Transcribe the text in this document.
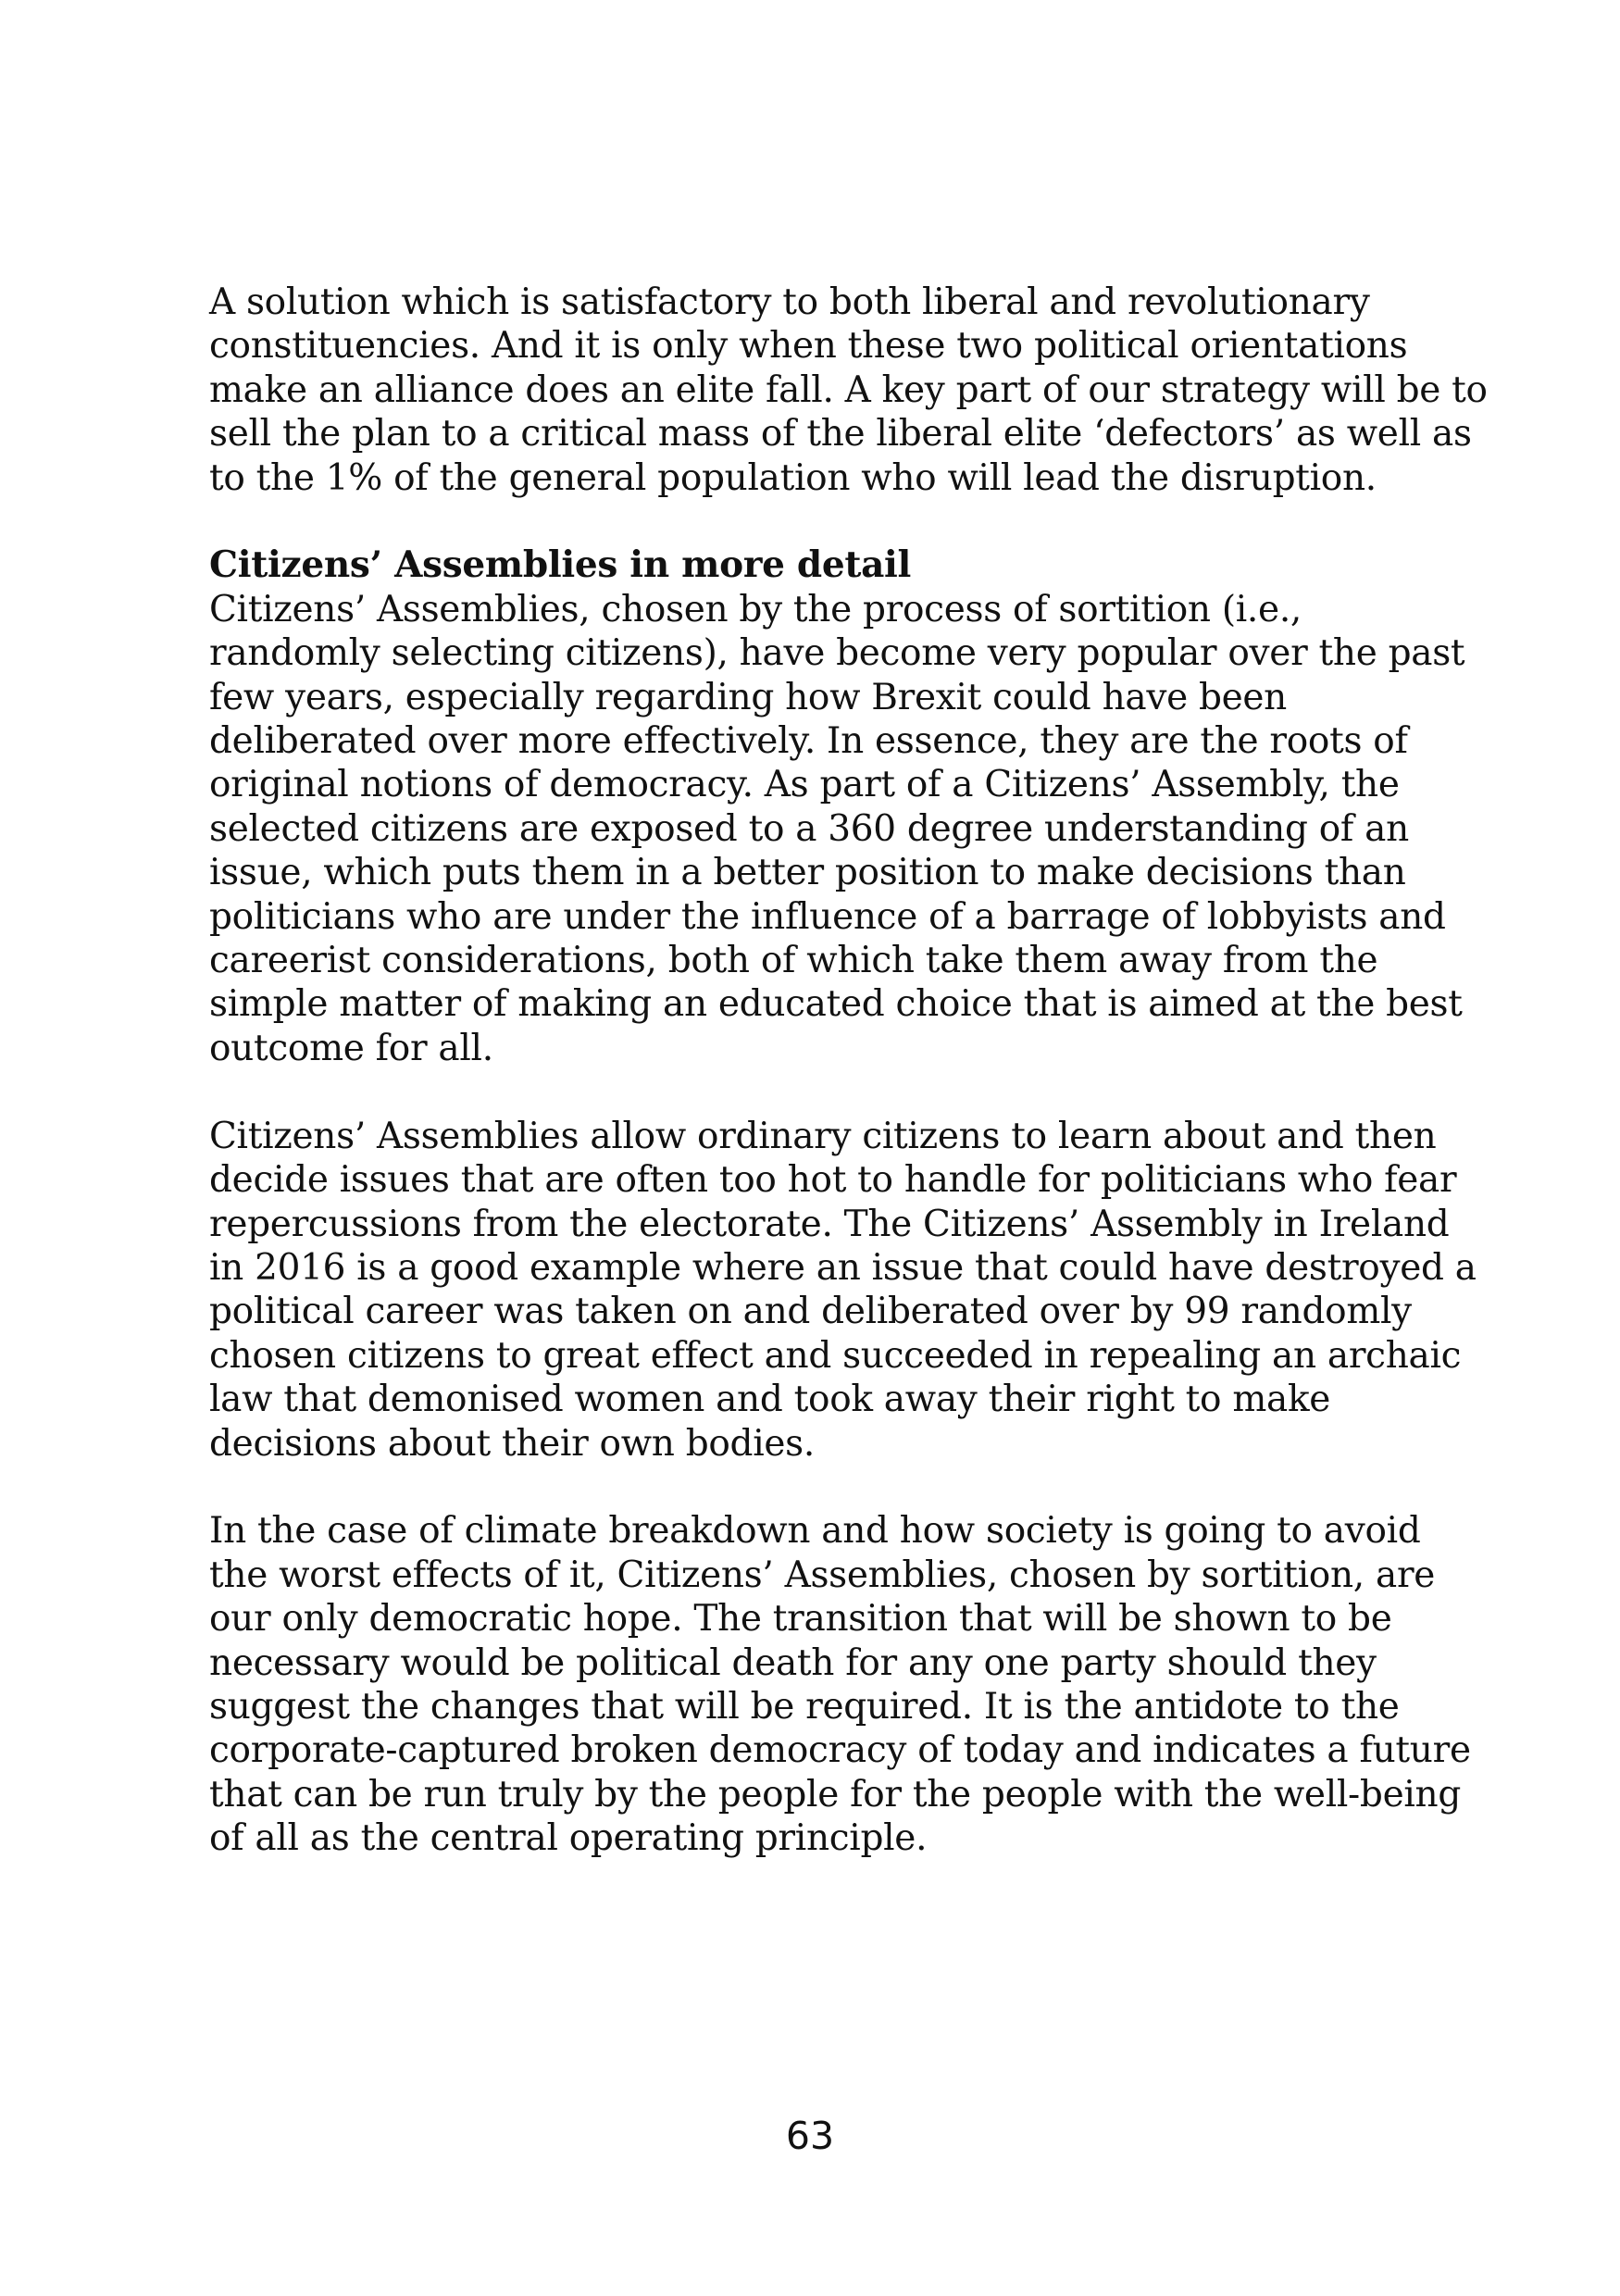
A solution which is satisfactory to both liberal and revolutionary
constituencies. And it is only when these two political orientations
make an alliance does an elite fall. A key part of our strategy will be to
sell the plan to a critical mass of the liberal elite ‘defectors’ as well as
to the 1% of the general population who will lead the disruption.

Citizens’ Assemblies in more detail
Citizens’ Assemblies, chosen by the process of sortition (i.e.,
randomly selecting citizens), have become very popular over the past
few years, especially regarding how Brexit could have been
deliberated over more effectively. In essence, they are the roots of
original notions of democracy. As part of a Citizens’ Assembly, the
selected citizens are exposed to a 360 degree understanding of an
issue, which puts them in a better position to make decisions than
politicians who are under the influence of a barrage of lobbyists and
careerist considerations, both of which take them away from the
simple matter of making an educated choice that is aimed at the best
outcome for all.

Citizens’ Assemblies allow ordinary citizens to learn about and then
decide issues that are often too hot to handle for politicians who fear
repercussions from the electorate. The Citizens’ Assembly in Ireland
in 2016 is a good example where an issue that could have destroyed a
political career was taken on and deliberated over by 99 randomly
chosen citizens to great effect and succeeded in repealing an archaic
law that demonised women and took away their right to make
decisions about their own bodies.

In the case of climate breakdown and how society is going to avoid
the worst effects of it, Citizens’ Assemblies, chosen by sortition, are
our only democratic hope. The transition that will be shown to be
necessary would be political death for any one party should they
suggest the changes that will be required. It is the antidote to the
corporate-captured broken democracy of today and indicates a future
that can be run truly by the people for the people with the well-being
of all as the central operating principle.

63
